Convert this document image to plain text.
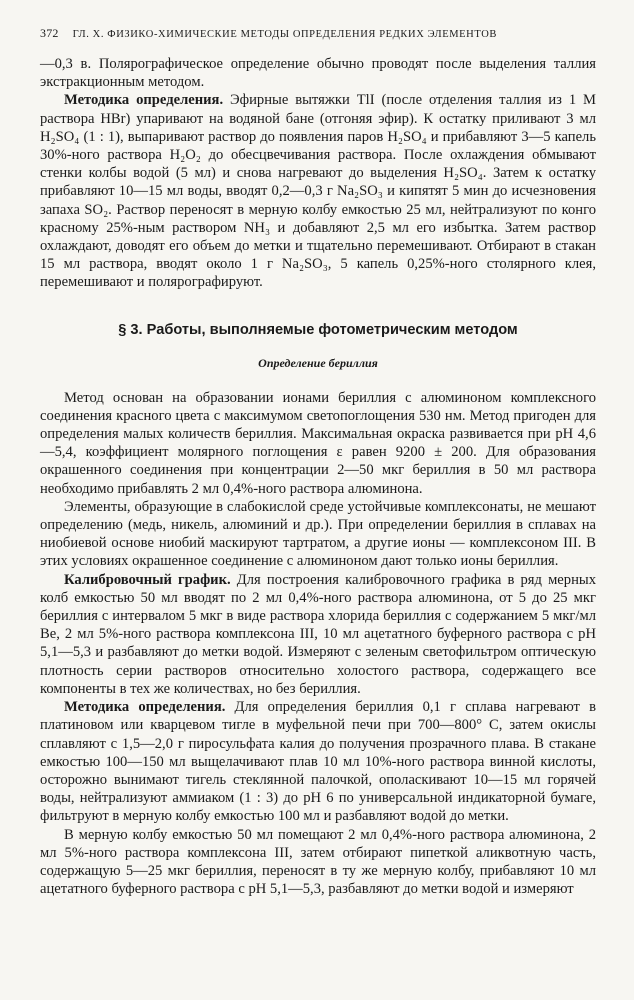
372 ГЛ. X. ФИЗИКО-ХИМИЧЕСКИЕ МЕТОДЫ ОПРЕДЕЛЕНИЯ РЕДКИХ ЭЛЕМЕНТОВ

—0,3 в. Полярографическое определение обычно проводят после выделения таллия экстракционным методом.

Методика определения. Эфирные вытяжки TlI (после отделения таллия из 1 M раствора HBr) упаривают на водяной бане (отгоняя эфир). К остатку приливают 3 мл H₂SO₄ (1 : 1), выпаривают раствор до появления паров H₂SO₄ и прибавляют 3—5 капель 30%-ного раствора H₂O₂ до обесцвечивания раствора. После охлаждения обмывают стенки колбы водой (5 мл) и снова нагревают до выделения H₂SO₄. Затем к остатку прибавляют 10—15 мл воды, вводят 0,2—0,3 г Na₂SO₃ и кипятят 5 мин до исчезновения запаха SO₂. Раствор переносят в мерную колбу емкостью 25 мл, нейтрализуют по конго красному 25%-ным раствором NH₃ и добавляют 2,5 мл его избытка. Затем раствор охлаждают, доводят его объем до метки и тщательно перемешивают. Отбирают в стакан 15 мл раствора, вводят около 1 г Na₂SO₃, 5 капель 0,25%-ного столярного клея, перемешивают и полярографируют.

§ 3. Работы, выполняемые фотометрическим методом
Определение бериллия

Метод основан на образовании ионами бериллия с алюминоном комплексного соединения красного цвета с максимумом светопоглощения 530 нм. Метод пригоден для определения малых количеств бериллия. Максимальная окраска развивается при pH 4,6—5,4, коэффициент молярного поглощения ε равен 9200 ± 200. Для образования окрашенного соединения при концентрации 2—50 мкг бериллия в 50 мл раствора необходимо прибавлять 2 мл 0,4%-ного раствора алюминона.

Элементы, образующие в слабокислой среде устойчивые комплексонаты, не мешают определению (медь, никель, алюминий и др.). При определении бериллия в сплавах на ниобиевой основе ниобий маскируют тартратом, а другие ионы — комплексоном III. В этих условиях окрашенное соединение с алюминоном дают только ионы бериллия.

Калибровочный график. Для построения калибровочного графика в ряд мерных колб емкостью 50 мл вводят по 2 мл 0,4%-ного раствора алюминона, от 5 до 25 мкг бериллия с интервалом 5 мкг в виде раствора хлорида бериллия с содержанием 5 мкг/мл Be, 2 мл 5%-ного раствора комплексона III, 10 мл ацетатного буферного раствора с pH 5,1—5,3 и разбавляют до метки водой. Измеряют с зеленым светофильтром оптическую плотность серии растворов относительно холостого раствора, содержащего все компоненты в тех же количествах, но без бериллия.

Методика определения. Для определения бериллия 0,1 г сплава нагревают в платиновом или кварцевом тигле в муфельной печи при 700—800° C, затем окислы сплавляют с 1,5—2,0 г пиросульфата калия до получения прозрачного плава. В стакане емкостью 100—150 мл выщелачивают плав 10 мл 10%-ного раствора винной кислоты, осторожно вынимают тигель стеклянной палочкой, ополаскивают 10—15 мл горячей воды, нейтрализуют аммиаком (1 : 3) до pH 6 по универсальной индикаторной бумаге, фильтруют в мерную колбу емкостью 100 мл и разбавляют водой до метки.

В мерную колбу емкостью 50 мл помещают 2 мл 0,4%-ного раствора алюминона, 2 мл 5%-ного раствора комплексона III, затем отбирают пипеткой аликвотную часть, содержащую 5—25 мкг бериллия, переносят в ту же мерную колбу, прибавляют 10 мл ацетатного буферного раствора с pH 5,1—5,3, разбавляют до метки водой и измеряют
